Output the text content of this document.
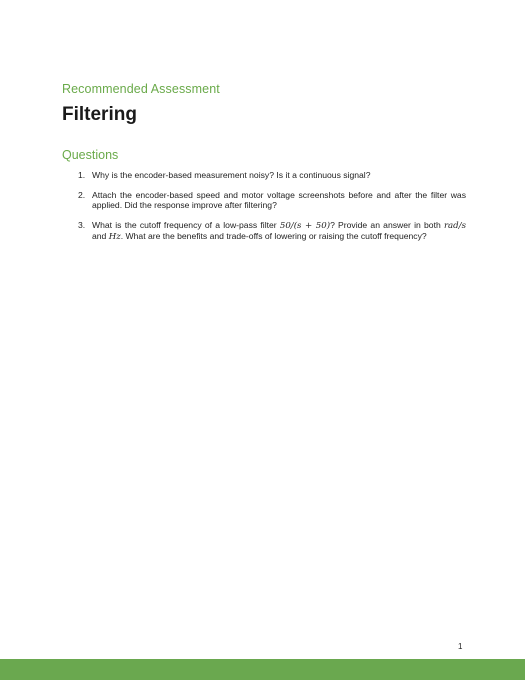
Recommended Assessment
Filtering
Questions
1. Why is the encoder-based measurement noisy? Is it a continuous signal?
2. Attach the encoder-based speed and motor voltage screenshots before and after the filter was applied. Did the response improve after filtering?
3. What is the cutoff frequency of a low-pass filter 50/(s + 50)? Provide an answer in both rad/s and Hz. What are the benefits and trade-offs of lowering or raising the cutoff frequency?
1
